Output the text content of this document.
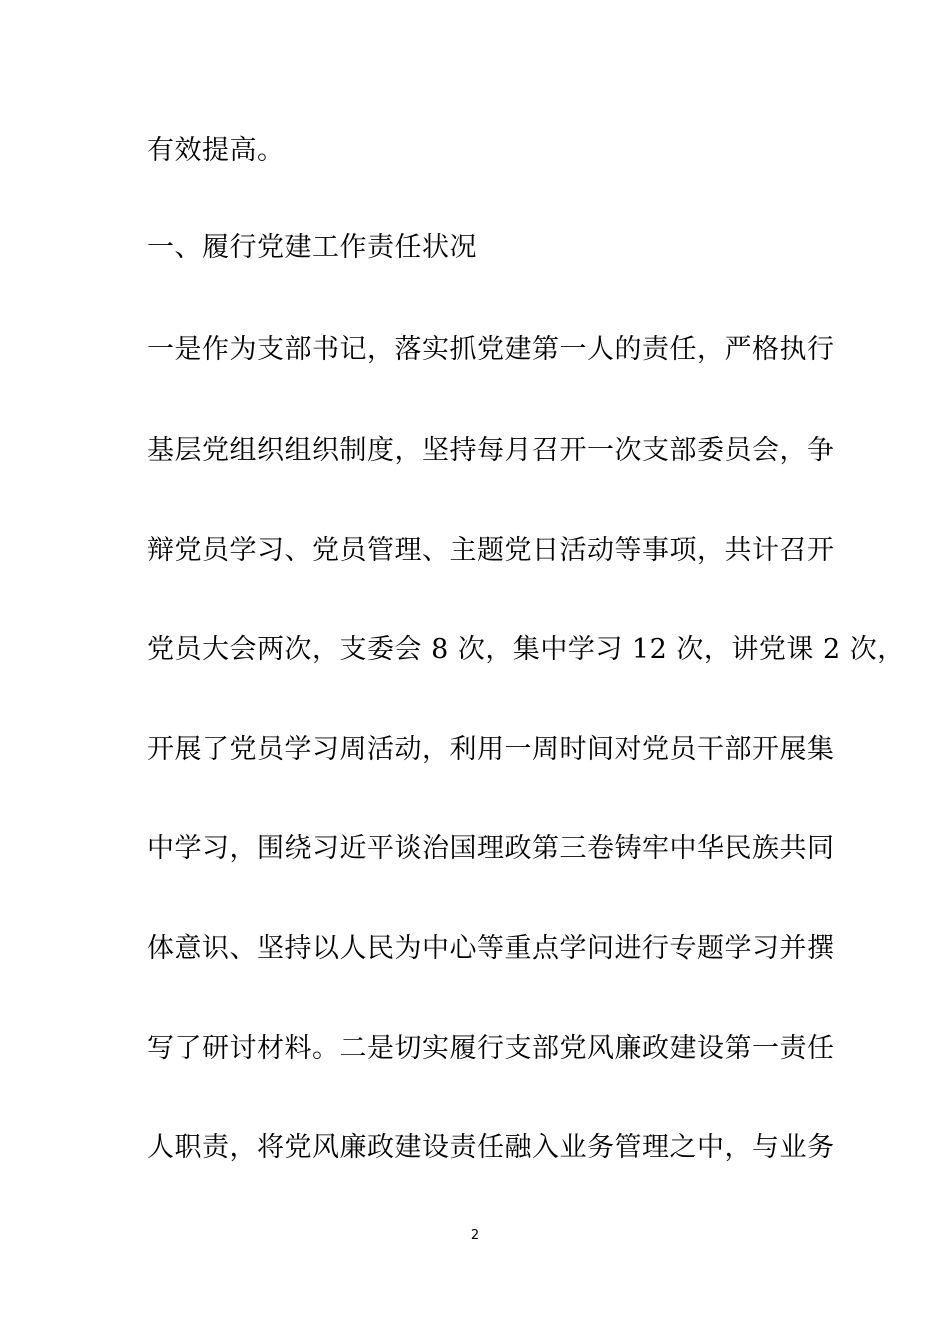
有效提高。
一、履行党建工作责任状况
一是作为支部书记，落实抓党建第一人的责任，严格执行
基层党组织组织制度，坚持每月召开一次支部委员会，争
辩党员学习、党员管理、主题党日活动等事项，共计召开
党员大会两次，支委会 8 次，集中学习 12 次，讲党课 2 次，
开展了党员学习周活动，利用一周时间对党员干部开展集
中学习，围绕习近平谈治国理政第三卷铸牢中华民族共同
体意识、坚持以人民为中心等重点学问进行专题学习并撰
写了研讨材料。二是切实履行支部党风廉政建设第一责任
人职责，将党风廉政建设责任融入业务管理之中，与业务
2
